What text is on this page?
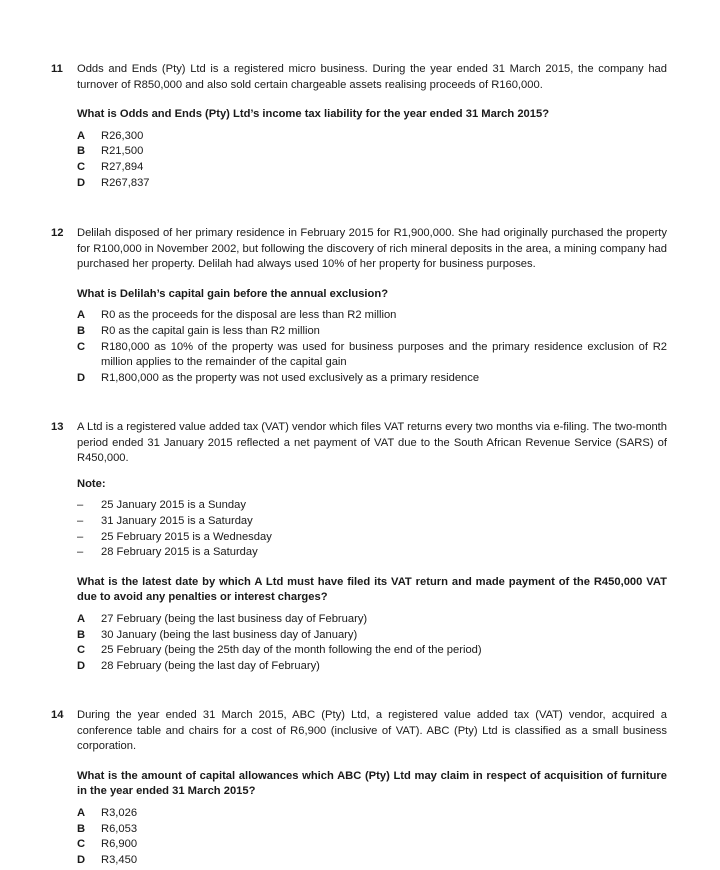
11	Odds and Ends (Pty) Ltd is a registered micro business. During the year ended 31 March 2015, the company had turnover of R850,000 and also sold certain chargeable assets realising proceeds of R160,000.

What is Odds and Ends (Pty) Ltd’s income tax liability for the year ended 31 March 2015?

A R26,300
B R21,500
C R27,894
D R267,837
12	Delilah disposed of her primary residence in February 2015 for R1,900,000. She had originally purchased the property for R100,000 in November 2002, but following the discovery of rich mineral deposits in the area, a mining company had purchased her property. Delilah had always used 10% of her property for business purposes.

What is Delilah’s capital gain before the annual exclusion?

A R0 as the proceeds for the disposal are less than R2 million
B R0 as the capital gain is less than R2 million
C R180,000 as 10% of the property was used for business purposes and the primary residence exclusion of R2 million applies to the remainder of the capital gain
D R1,800,000 as the property was not used exclusively as a primary residence
13	A Ltd is a registered value added tax (VAT) vendor which files VAT returns every two months via e-filing. The two-month period ended 31 January 2015 reflected a net payment of VAT due to the South African Revenue Service (SARS) of R450,000.

Note:

– 25 January 2015 is a Sunday
– 31 January 2015 is a Saturday
– 25 February 2015 is a Wednesday
– 28 February 2015 is a Saturday

What is the latest date by which A Ltd must have filed its VAT return and made payment of the R450,000 VAT due to avoid any penalties or interest charges?

A 27 February (being the last business day of February)
B 30 January (being the last business day of January)
C 25 February (being the 25th day of the month following the end of the period)
D 28 February (being the last day of February)
14	During the year ended 31 March 2015, ABC (Pty) Ltd, a registered value added tax (VAT) vendor, acquired a conference table and chairs for a cost of R6,900 (inclusive of VAT). ABC (Pty) Ltd is classified as a small business corporation.

What is the amount of capital allowances which ABC (Pty) Ltd may claim in respect of acquisition of furniture in the year ended 31 March 2015?

A R3,026
B R6,053
C R6,900
D R3,450
